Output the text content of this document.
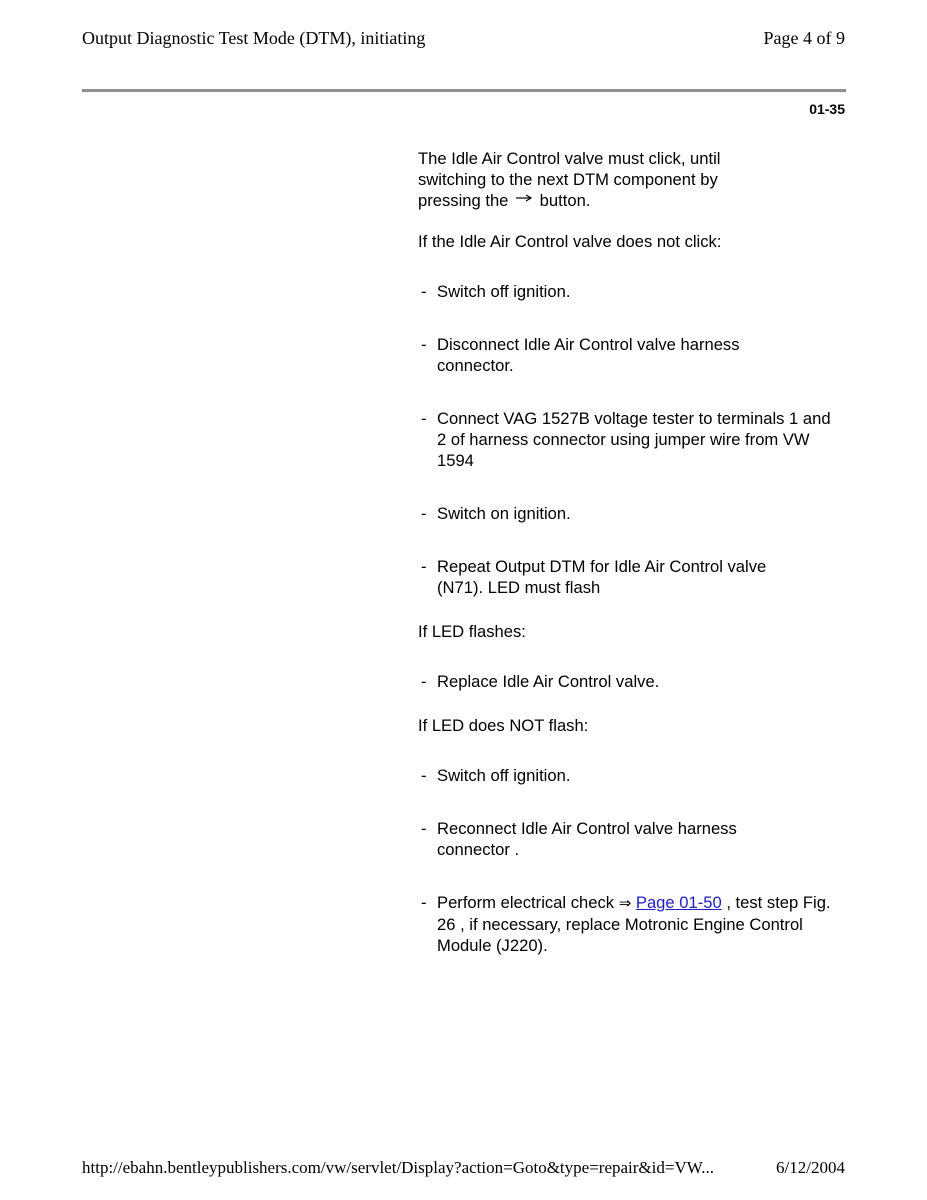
Output Diagnostic Test Mode (DTM), initiating	Page 4 of 9
01-35

The Idle Air Control valve must click, until
switching to the next DTM component by
pressing the button.

If the Idle Air Control valve does not click:

- Switch off ignition.
- Disconnect Idle Air Control valve harness connector.
- Connect VAG 1527B voltage tester to terminals 1 and 2 of harness connector using jumper wire from VW 1594
- Switch on ignition.
- Repeat Output DTM for Idle Air Control valve (N71). LED must flash

If LED flashes:

- Replace Idle Air Control valve.

If LED does NOT flash:

- Switch off ignition.
- Reconnect Idle Air Control valve harness connector .
- Perform electrical check ⇒ Page 01-50 , test step Fig. 26 , if necessary, replace Motronic Engine Control Module (J220).
http://ebahn.bentleypublishers.com/vw/servlet/Display?action=Goto&type=repair&id=VW...	6/12/2004
